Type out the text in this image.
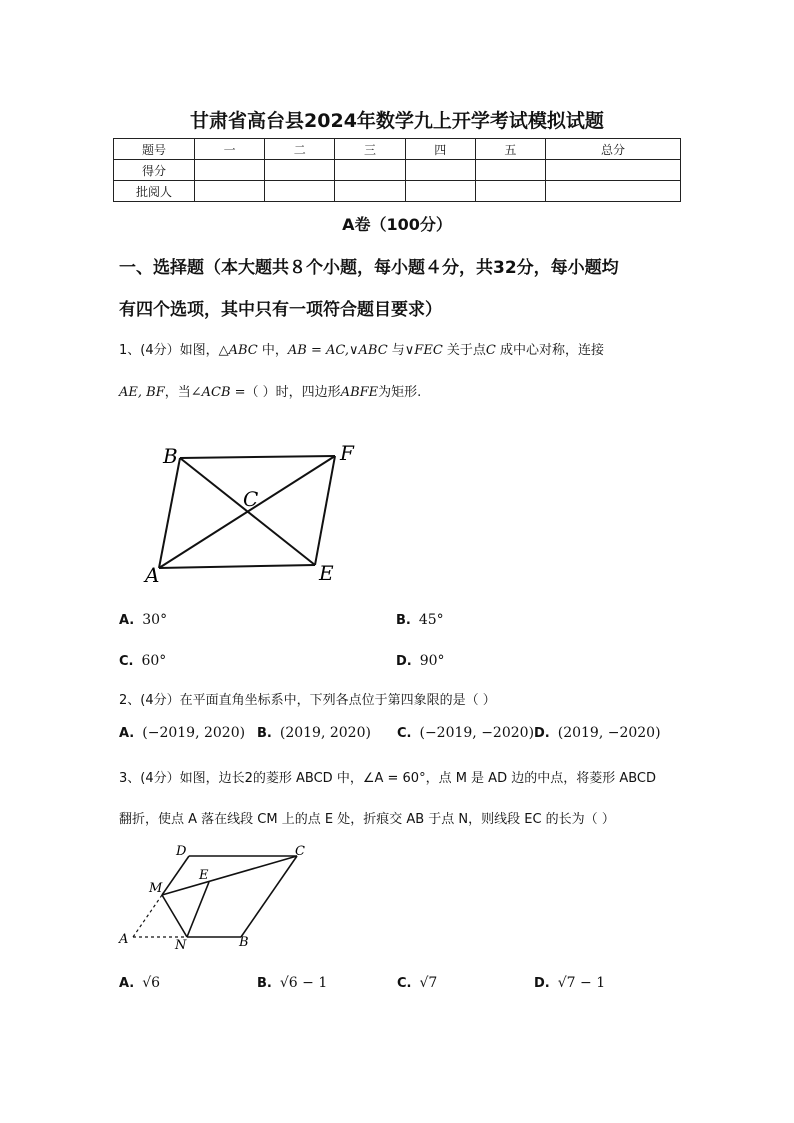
甘肃省高台县2024年数学九上开学考试模拟试题
题号	一	二	三	四	五	总分
得分						
批阅人						
A卷（100分）
一、选择题（本大题共８个小题，每小题４分，共32分，每小题均
有四个选项，其中只有一项符合题目要求）
1、(4分）如图，△ABC 中，AB = AC,∨ABC 与∨FEC 关于点C 成中心对称，连接
AE, BF，当∠ACB =（ ）时，四边形ABFE为矩形.
B	F
C
A	E
A. 30°	B. 45°
C. 60°	D. 90°
2、(4分）在平面直角坐标系中，下列各点位于第四象限的是（ ）
A. (−2019, 2020) B. (2019, 2020) C. (−2019, −2020) D. (2019, −2020)
3、(4分）如图，边长2的菱形 ABCD 中，∠A = 60°，点 M 是 AD 边的中点，将菱形 ABCD
翻折，使点 A 落在线段 CM 上的点 E 处，折痕交 AB 于点 N，则线段 EC 的长为（ ）
D	C
M
E
A	N	B
A. √6	B. √6 − 1	C. √7	D. √7 − 1
